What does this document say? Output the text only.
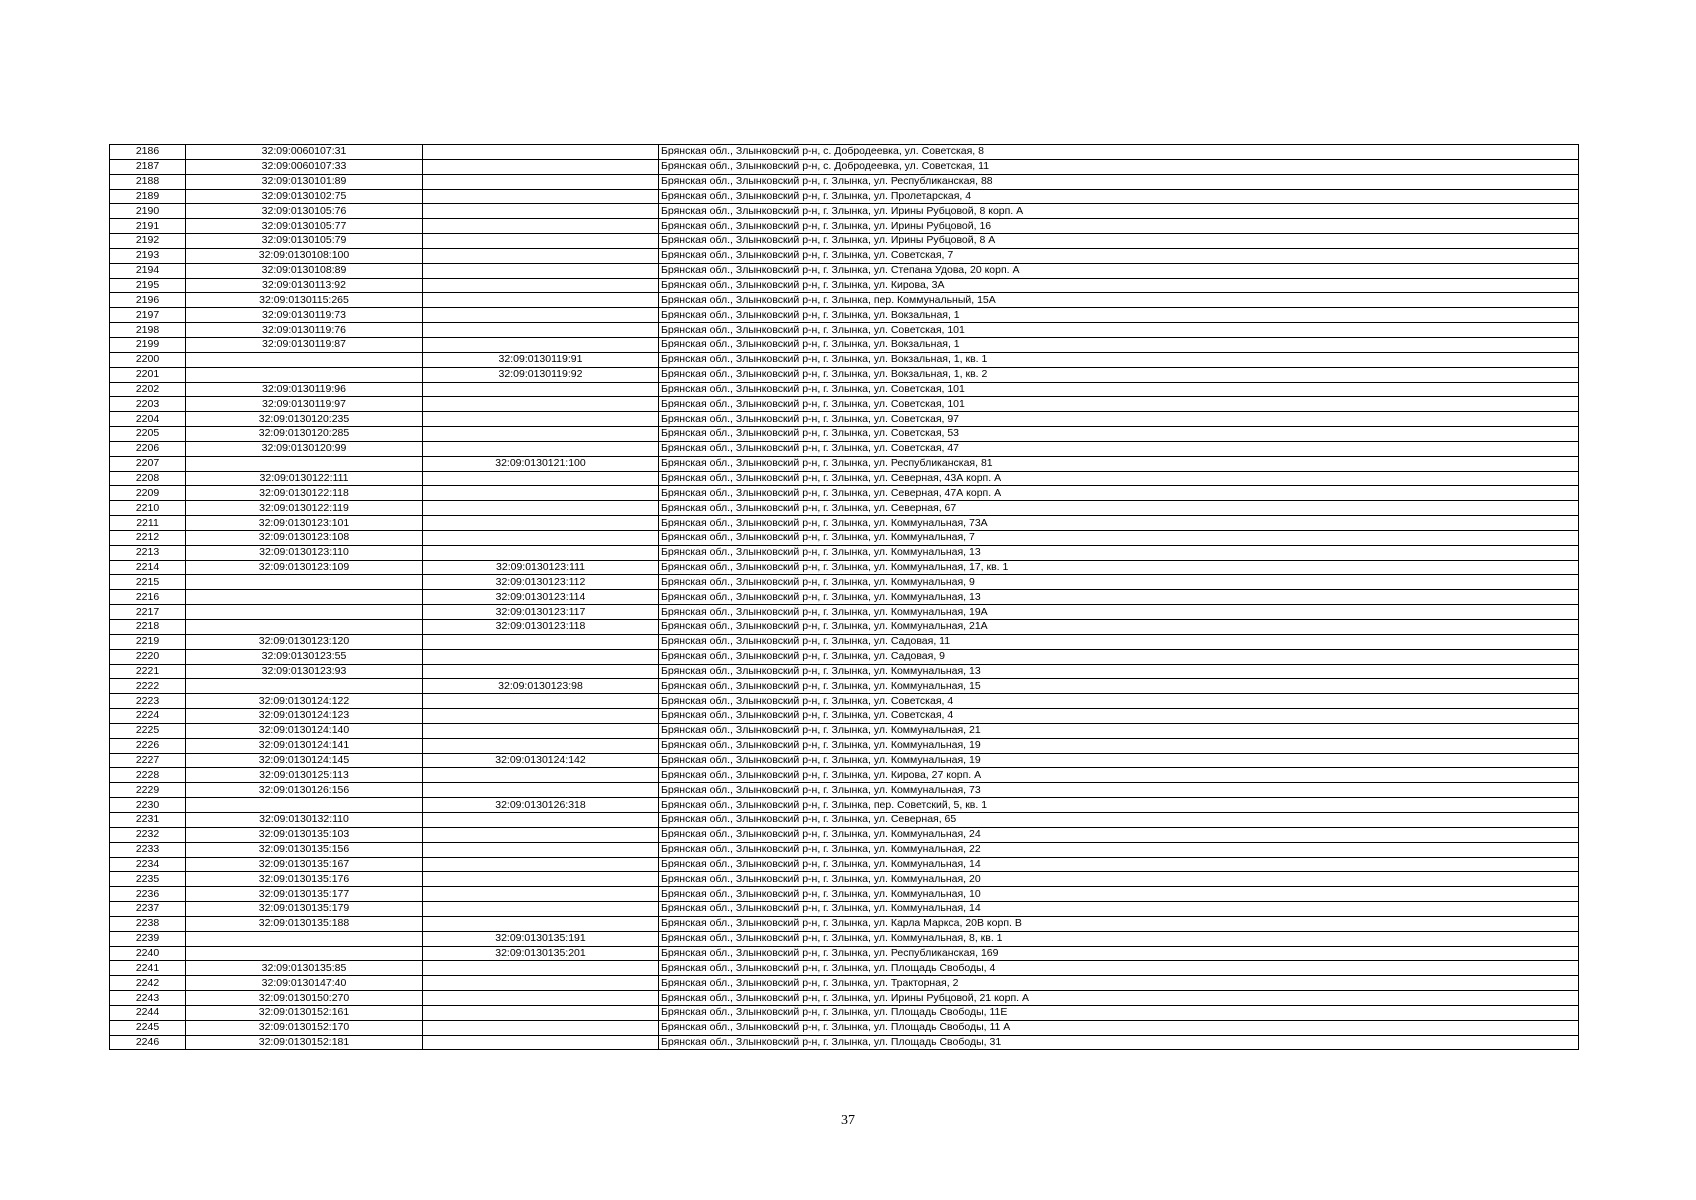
2186	32:09:0060107:31		Брянская обл., Злынковский р-н, с. Добродеевка, ул. Советская, 8
2187	32:09:0060107:33		Брянская обл., Злынковский р-н, с. Добродеевка, ул. Советская, 11
2188	32:09:0130101:89		Брянская обл., Злынковский р-н, г. Злынка, ул. Республиканская, 88
2189	32:09:0130102:75		Брянская обл., Злынковский р-н, г. Злынка, ул. Пролетарская, 4
2190	32:09:0130105:76		Брянская обл., Злынковский р-н, г. Злынка, ул. Ирины Рубцовой, 8 корп. А
2191	32:09:0130105:77		Брянская обл., Злынковский р-н, г. Злынка, ул. Ирины Рубцовой, 16
2192	32:09:0130105:79		Брянская обл., Злынковский р-н, г. Злынка, ул. Ирины Рубцовой, 8 А
2193	32:09:0130108:100		Брянская обл., Злынковский р-н, г. Злынка, ул. Советская, 7
2194	32:09:0130108:89		Брянская обл., Злынковский р-н, г. Злынка, ул. Степана Удова, 20 корп. А
2195	32:09:0130113:92		Брянская обл., Злынковский р-н, г. Злынка, ул. Кирова, 3А
2196	32:09:0130115:265		Брянская обл., Злынковский р-н, г. Злынка, пер. Коммунальный, 15А
2197	32:09:0130119:73		Брянская обл., Злынковский р-н, г. Злынка, ул. Вокзальная, 1
2198	32:09:0130119:76		Брянская обл., Злынковский р-н, г. Злынка, ул. Советская, 101
2199	32:09:0130119:87		Брянская обл., Злынковский р-н, г. Злынка, ул. Вокзальная, 1
2200		32:09:0130119:91	Брянская обл., Злынковский р-н, г. Злынка, ул. Вокзальная, 1, кв. 1
2201		32:09:0130119:92	Брянская обл., Злынковский р-н, г. Злынка, ул. Вокзальная, 1, кв. 2
2202	32:09:0130119:96		Брянская обл., Злынковский р-н, г. Злынка, ул. Советская, 101
2203	32:09:0130119:97		Брянская обл., Злынковский р-н, г. Злынка, ул. Советская, 101
2204	32:09:0130120:235		Брянская обл., Злынковский р-н, г. Злынка, ул. Советская, 97
2205	32:09:0130120:285		Брянская обл., Злынковский р-н, г. Злынка, ул. Советская, 53
2206	32:09:0130120:99		Брянская обл., Злынковский р-н, г. Злынка, ул. Советская, 47
2207		32:09:0130121:100	Брянская обл., Злынковский р-н, г. Злынка, ул. Республиканская, 81
2208	32:09:0130122:111		Брянская обл., Злынковский р-н, г. Злынка, ул. Северная, 43А корп. А
2209	32:09:0130122:118		Брянская обл., Злынковский р-н, г. Злынка, ул. Северная, 47А корп. А
2210	32:09:0130122:119		Брянская обл., Злынковский р-н, г. Злынка, ул. Северная, 67
2211	32:09:0130123:101		Брянская обл., Злынковский р-н, г. Злынка, ул. Коммунальная, 73А
2212	32:09:0130123:108		Брянская обл., Злынковский р-н, г. Злынка, ул. Коммунальная, 7
2213	32:09:0130123:110		Брянская обл., Злынковский р-н, г. Злынка, ул. Коммунальная, 13
2214	32:09:0130123:109	32:09:0130123:111	Брянская обл., Злынковский р-н, г. Злынка, ул. Коммунальная, 17, кв. 1
2215		32:09:0130123:112	Брянская обл., Злынковский р-н, г. Злынка, ул. Коммунальная, 9
2216		32:09:0130123:114	Брянская обл., Злынковский р-н, г. Злынка, ул. Коммунальная, 13
2217		32:09:0130123:117	Брянская обл., Злынковский р-н, г. Злынка, ул. Коммунальная, 19А
2218		32:09:0130123:118	Брянская обл., Злынковский р-н, г. Злынка, ул. Коммунальная, 21А
2219	32:09:0130123:120		Брянская обл., Злынковский р-н, г. Злынка, ул. Садовая, 11
2220	32:09:0130123:55		Брянская обл., Злынковский р-н, г. Злынка, ул. Садовая, 9
2221	32:09:0130123:93		Брянская обл., Злынковский р-н, г. Злынка, ул. Коммунальная, 13
2222		32:09:0130123:98	Брянская обл., Злынковский р-н, г. Злынка, ул. Коммунальная, 15
2223	32:09:0130124:122		Брянская обл., Злынковский р-н, г. Злынка, ул. Советская, 4
2224	32:09:0130124:123		Брянская обл., Злынковский р-н, г. Злынка, ул. Советская, 4
2225	32:09:0130124:140		Брянская обл., Злынковский р-н, г. Злынка, ул. Коммунальная, 21
2226	32:09:0130124:141		Брянская обл., Злынковский р-н, г. Злынка, ул. Коммунальная, 19
2227	32:09:0130124:145	32:09:0130124:142	Брянская обл., Злынковский р-н, г. Злынка, ул. Коммунальная, 19
2228	32:09:0130125:113		Брянская обл., Злынковский р-н, г. Злынка, ул. Кирова, 27 корп. А
2229	32:09:0130126:156		Брянская обл., Злынковский р-н, г. Злынка, ул. Коммунальная, 73
2230		32:09:0130126:318	Брянская обл., Злынковский р-н, г. Злынка, пер. Советский, 5, кв. 1
2231	32:09:0130132:110		Брянская обл., Злынковский р-н, г. Злынка, ул. Северная, 65
2232	32:09:0130135:103		Брянская обл., Злынковский р-н, г. Злынка, ул. Коммунальная, 24
2233	32:09:0130135:156		Брянская обл., Злынковский р-н, г. Злынка, ул. Коммунальная, 22
2234	32:09:0130135:167		Брянская обл., Злынковский р-н, г. Злынка, ул. Коммунальная, 14
2235	32:09:0130135:176		Брянская обл., Злынковский р-н, г. Злынка, ул. Коммунальная, 20
2236	32:09:0130135:177		Брянская обл., Злынковский р-н, г. Злынка, ул. Коммунальная, 10
2237	32:09:0130135:179		Брянская обл., Злынковский р-н, г. Злынка, ул. Коммунальная, 14
2238	32:09:0130135:188		Брянская обл., Злынковский р-н, г. Злынка, ул. Карла Маркса, 20В корп. В
2239		32:09:0130135:191	Брянская обл., Злынковский р-н, г. Злынка, ул. Коммунальная, 8, кв. 1
2240		32:09:0130135:201	Брянская обл., Злынковский р-н, г. Злынка, ул. Республиканская, 169
2241	32:09:0130135:85		Брянская обл., Злынковский р-н, г. Злынка, ул. Площадь Свободы, 4
2242	32:09:0130147:40		Брянская обл., Злынковский р-н, г. Злынка, ул. Тракторная, 2
2243	32:09:0130150:270		Брянская обл., Злынковский р-н, г. Злынка, ул. Ирины Рубцовой, 21 корп. А
2244	32:09:0130152:161		Брянская обл., Злынковский р-н, г. Злынка, ул. Площадь Свободы, 11Е
2245	32:09:0130152:170		Брянская обл., Злынковский р-н, г. Злынка, ул. Площадь Свободы, 11 А
2246	32:09:0130152:181		Брянская обл., Злынковский р-н, г. Злынка, ул. Площадь Свободы, 31
37
